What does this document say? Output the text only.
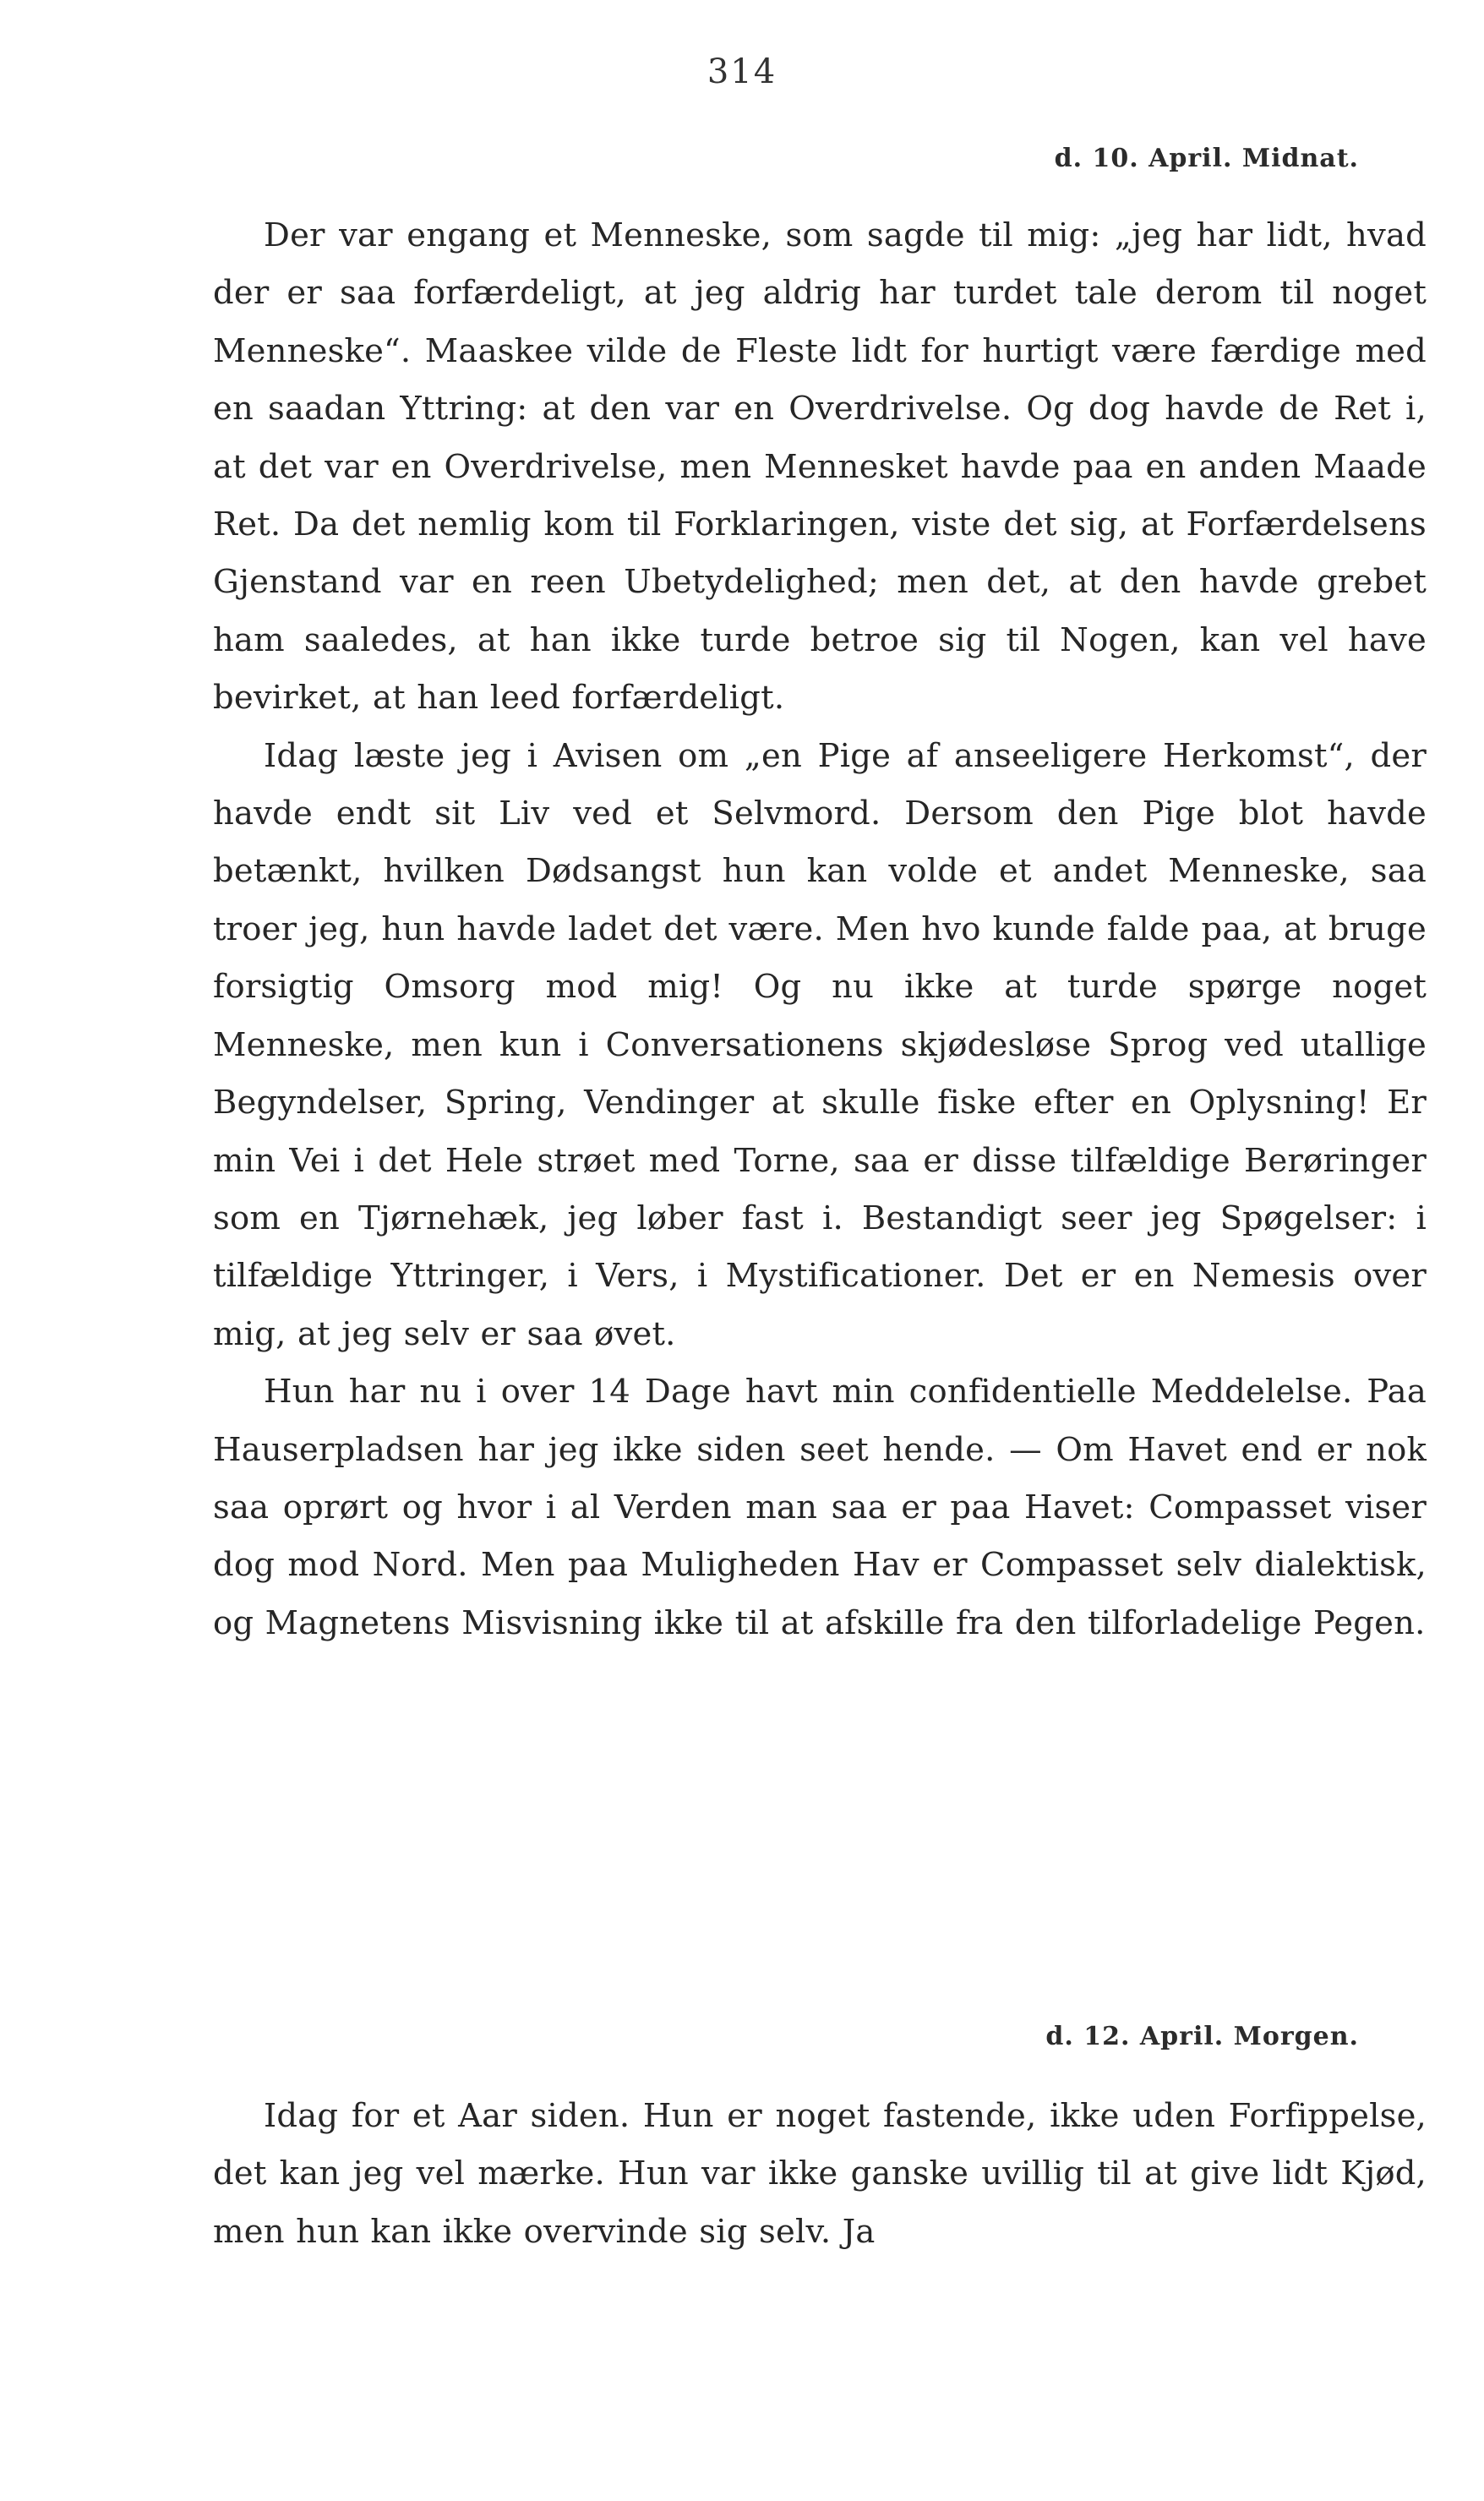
314
d. 10. April. Midnat.

Der var engang et Menneske, som sagde til mig: „jeg har lidt, hvad der er saa forfærdeligt, at jeg aldrig har turdet tale derom til noget Menneske“. Maaskee vilde de Fleste lidt for hurtigt være færdige med en saadan Yttring: at den var en Overdrivelse. Og dog havde de Ret i, at det var en Overdrivelse, men Mennesket havde paa en anden Maade Ret. Da det nemlig kom til Forklaringen, viste det sig, at Forfærdelsens Gjenstand var en reen Ubetydelighed; men det, at den havde grebet ham saaledes, at han ikke turde betroe sig til Nogen, kan vel have bevirket, at han leed forfærdeligt.

Idag læste jeg i Avisen om „en Pige af anseeligere Herkomst“, der havde endt sit Liv ved et Selvmord. Dersom den Pige blot havde betænkt, hvilken Dødsangst hun kan volde et andet Menneske, saa troer jeg, hun havde ladet det være. Men hvo kunde falde paa, at bruge forsigtig Omsorg mod mig! Og nu ikke at turde spørge noget Menneske, men kun i Conversationens skjødesløse Sprog ved utallige Begyndelser, Spring, Vendinger at skulle fiske efter en Oplysning! Er min Vei i det Hele strøet med Torne, saa er disse tilfældige Berøringer som en Tjørnehæk, jeg løber fast i. Bestandigt seer jeg Spøgelser: i tilfældige Yttringer, i Vers, i Mystificationer. Det er en Nemesis over mig, at jeg selv er saa øvet.

Hun har nu i over 14 Dage havt min confidentielle Meddelelse. Paa Hauserpladsen har jeg ikke siden seet hende. — Om Havet end er nok saa oprørt og hvor i al Verden man saa er paa Havet: Compasset viser dog mod Nord. Men paa Muligheden Hav er Compasset selv dialektisk, og Magnetens Misvisning ikke til at afskille fra den tilforladelige Pegen.

d. 12. April. Morgen.

Idag for et Aar siden. Hun er noget fastende, ikke uden Forfippelse, det kan jeg vel mærke. Hun var ikke ganske uvillig til at give lidt Kjød, men hun kan ikke overvinde sig selv. Ja
